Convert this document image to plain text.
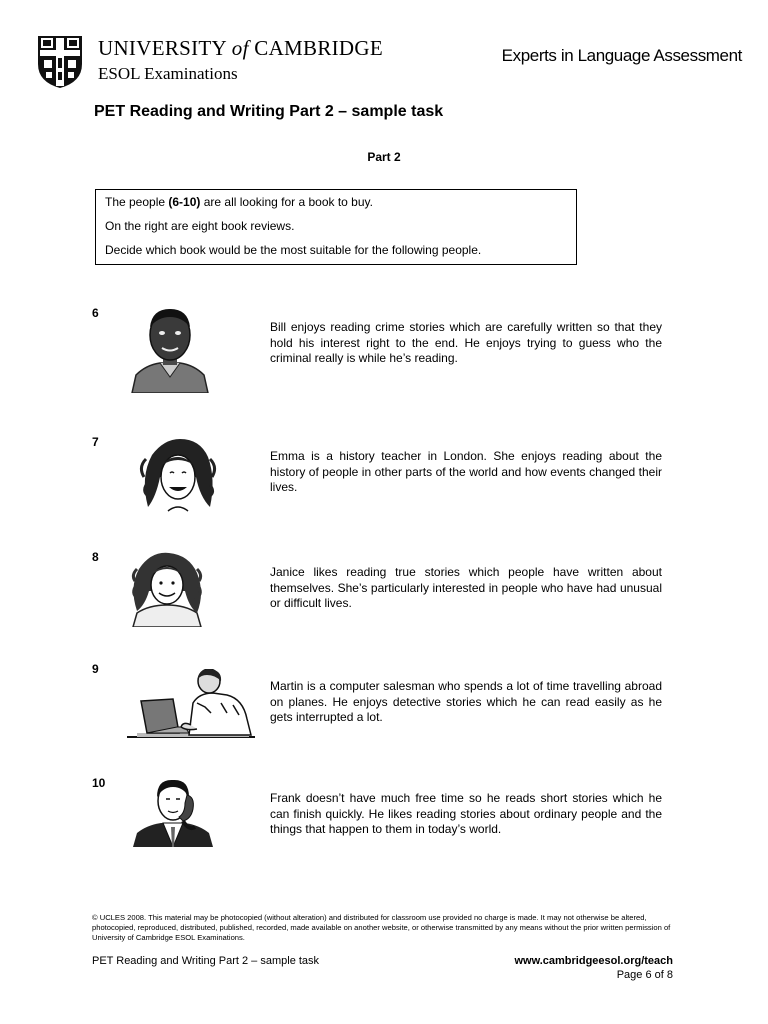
UNIVERSITY of CAMBRIDGE
ESOL Examinations
Experts in Language Assessment
PET Reading and Writing Part 2 – sample task
Part 2

The people (6-10) are all looking for a book to buy.

On the right are eight book reviews.

Decide which book would be the most suitable for the following people.

6

Bill enjoys reading crime stories which are carefully written so that they hold his interest right to the end. He enjoys trying to guess who the criminal really is while he’s reading.

7

Emma is a history teacher in London. She enjoys reading about the history of people in other parts of the world and how events changed their lives.

8

Janice likes reading true stories which people have written about themselves. She’s particularly interested in people who have had unusual or difficult lives.

9

Martin is a computer salesman who spends a lot of time travelling abroad on planes. He enjoys detective stories which he can read easily as he gets interrupted a lot.

10

Frank doesn’t have much free time so he reads short stories which he can finish quickly. He likes reading stories about ordinary people and the things that happen to them in today’s world.

© UCLES 2008. This material may be photocopied (without alteration) and distributed for classroom use provided no charge is made. It may not otherwise be altered, photocopied, reproduced, distributed, published, recorded, made available on another website, or otherwise transmitted by any means without the prior written permission of University of Cambridge ESOL Examinations.

PET Reading and Writing Part 2 – sample task	www.cambridgeesol.org/teach
Page 6 of 8
